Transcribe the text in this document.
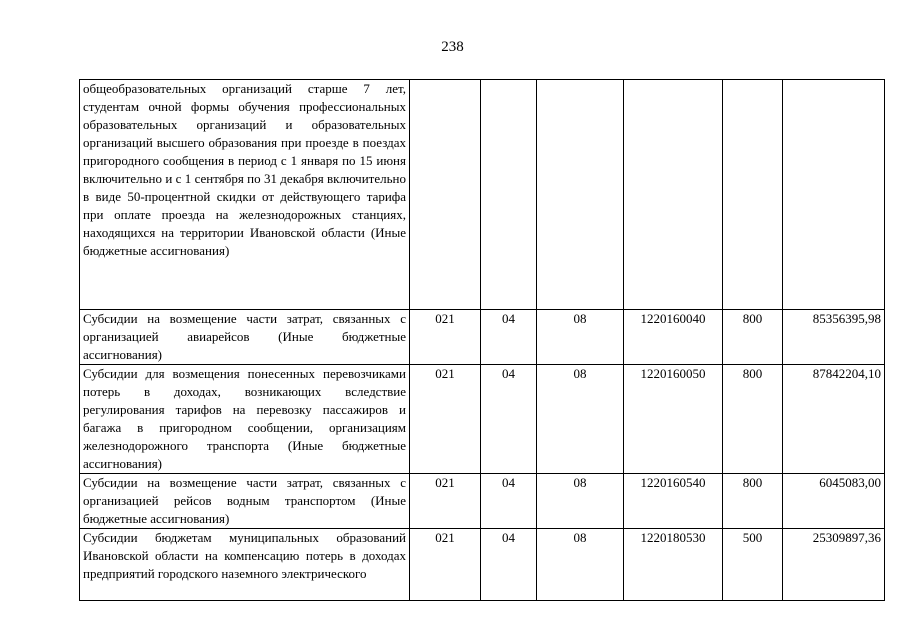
238
общеобразовательных организаций старше 7 лет, студентам очной формы обучения профессиональных образовательных организаций и образовательных организаций высшего образования при проезде в поездах пригородного сообщения в период с 1 января по 15 июня включительно и с 1 сентября по 31 декабря включительно в виде 50-процентной скидки от действующего тарифа при оплате проезда на железнодорожных станциях, находящихся на территории Ивановской области (Иные бюджетные ассигнования)						

Субсидии на возмещение части затрат, связанных с организацией авиарейсов (Иные бюджетные ассигнования)	021	04	08	1220160040	800	85356395,98

Субсидии для возмещения понесенных перевозчиками потерь в доходах, возникающих вследствие регулирования тарифов на перевозку пассажиров и багажа в пригородном сообщении, организациям железнодорожного транспорта (Иные бюджетные ассигнования)	021	04	08	1220160050	800	87842204,10

Субсидии на возмещение части затрат, связанных с организацией рейсов водным транспортом (Иные бюджетные ассигнования)	021	04	08	1220160540	800	6045083,00

Субсидии бюджетам муниципальных образований Ивановской области на компенсацию потерь в доходах предприятий городского наземного электрического	021	04	08	1220180530	500	25309897,36
